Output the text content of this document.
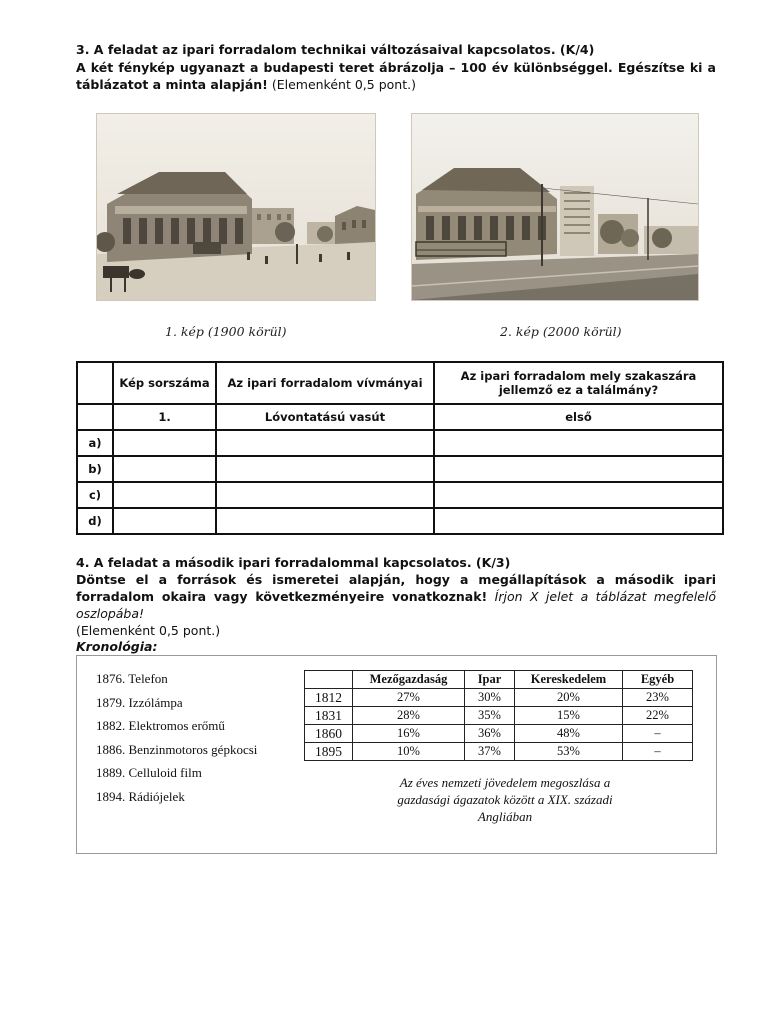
3. A feladat az ipari forradalom technikai változásaival kapcsolatos. (K/4)
A két fénykép ugyanazt a budapesti teret ábrázolja – 100 év különbséggel. Egészítse ki a táblázatot a minta alapján! (Elemenként 0,5 pont.)
1. kép (1900 körül)	2. kép (2000 körül)
	Kép sorszáma	Az ipari forradalom vívmányai	Az ipari forradalom mely szakaszára jellemző ez a találmány?
	1.	Lóvontatású vasút	első
a)			
b)			
c)			
d)			
4. A feladat a második ipari forradalommal kapcsolatos. (K/3)
Döntse el a források és ismeretei alapján, hogy a megállapítások a második ipari forradalom okaira vagy következményeire vonatkoznak! Írjon X jelet a táblázat megfelelő oszlopába!
(Elemenként 0,5 pont.)
Kronológia:
1876. Telefon
1879. Izzólámpa
1882. Elektromos erőmű
1886. Benzinmotoros gépkocsi
1889. Celluloid film
1894. Rádiójelek
	Mezőgazdaság	Ipar	Kereskedelem	Egyéb
1812	27%	30%	20%	23%
1831	28%	35%	15%	22%
1860	16%	36%	48%	–
1895	10%	37%	53%	–
Az éves nemzeti jövedelem megoszlása a gazdasági ágazatok között a XIX. századi Angliában
